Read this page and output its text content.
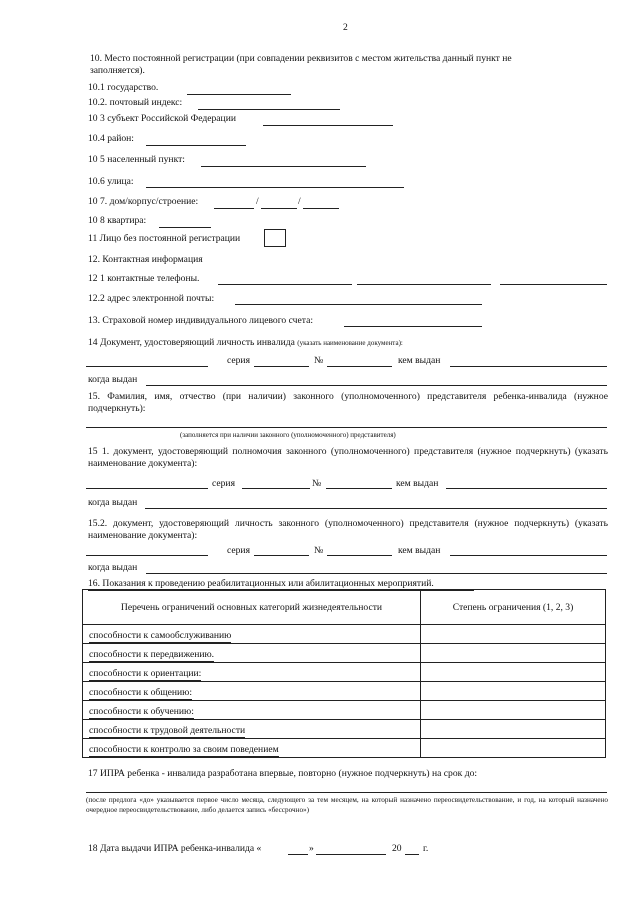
2
10. Место постоянной регистрации (при совпадении реквизитов с местом жительства данный пункт не
заполняется).
10.1 государство.
10.2. почтовый индекс:
10 3 субъект Российской Федерации
10.4 район:
10 5 населенный пункт:
10.6 улица:
10 7. дом/корпус/строение:	/	/
10 8 квартира:
11 Лицо без постоянной регистрации
12. Контактная информация
12 1 контактные телефоны.
12.2 адрес электронной почты:
13. Страховой номер индивидуального лицевого счета:
14 Документ, удостоверяющий личность инвалида (указать наименование документа):
серия	№	кем выдан
когда выдан
15. Фамилия, имя, отчество (при наличии) законного (уполномоченного) представителя ребенка-инвалида (нужное подчеркнуть):
(заполняется при наличии законного (уполномоченного) представителя)
15 1. документ, удостоверяющий полномочия законного (уполномоченного) представителя (нужное подчеркнуть) (указать наименование документа):
серия	№	кем выдан
когда выдан
15.2. документ, удостоверяющий личность законного (уполномоченного) представителя (нужное подчеркнуть) (указать наименование документа):
серия	№	кем выдан
когда выдан
16. Показания к проведению реабилитационных или абилитационных мероприятий.
Перечень ограничений основных категорий жизнедеятельности	Степень ограничения (1, 2, 3)
способности к самообслуживанию	
способности к передвижению.	
способности к ориентации:	
способности к общению:	
способности к обучению:	
способности к трудовой деятельности	
способности к контролю за своим поведением	
17 ИПРА ребенка - инвалида разработана впервые, повторно (нужное подчеркнуть) на срок до:
(после предлога «до» указывается первое число месяца, следующего за тем месяцем, на который назначено переосвидетельствование, и год, на который назначено очередное переосвидетельствование, либо делается запись «бессрочно»)
18 Дата выдачи ИПРА ребенка-инвалида «	»	20 г.
